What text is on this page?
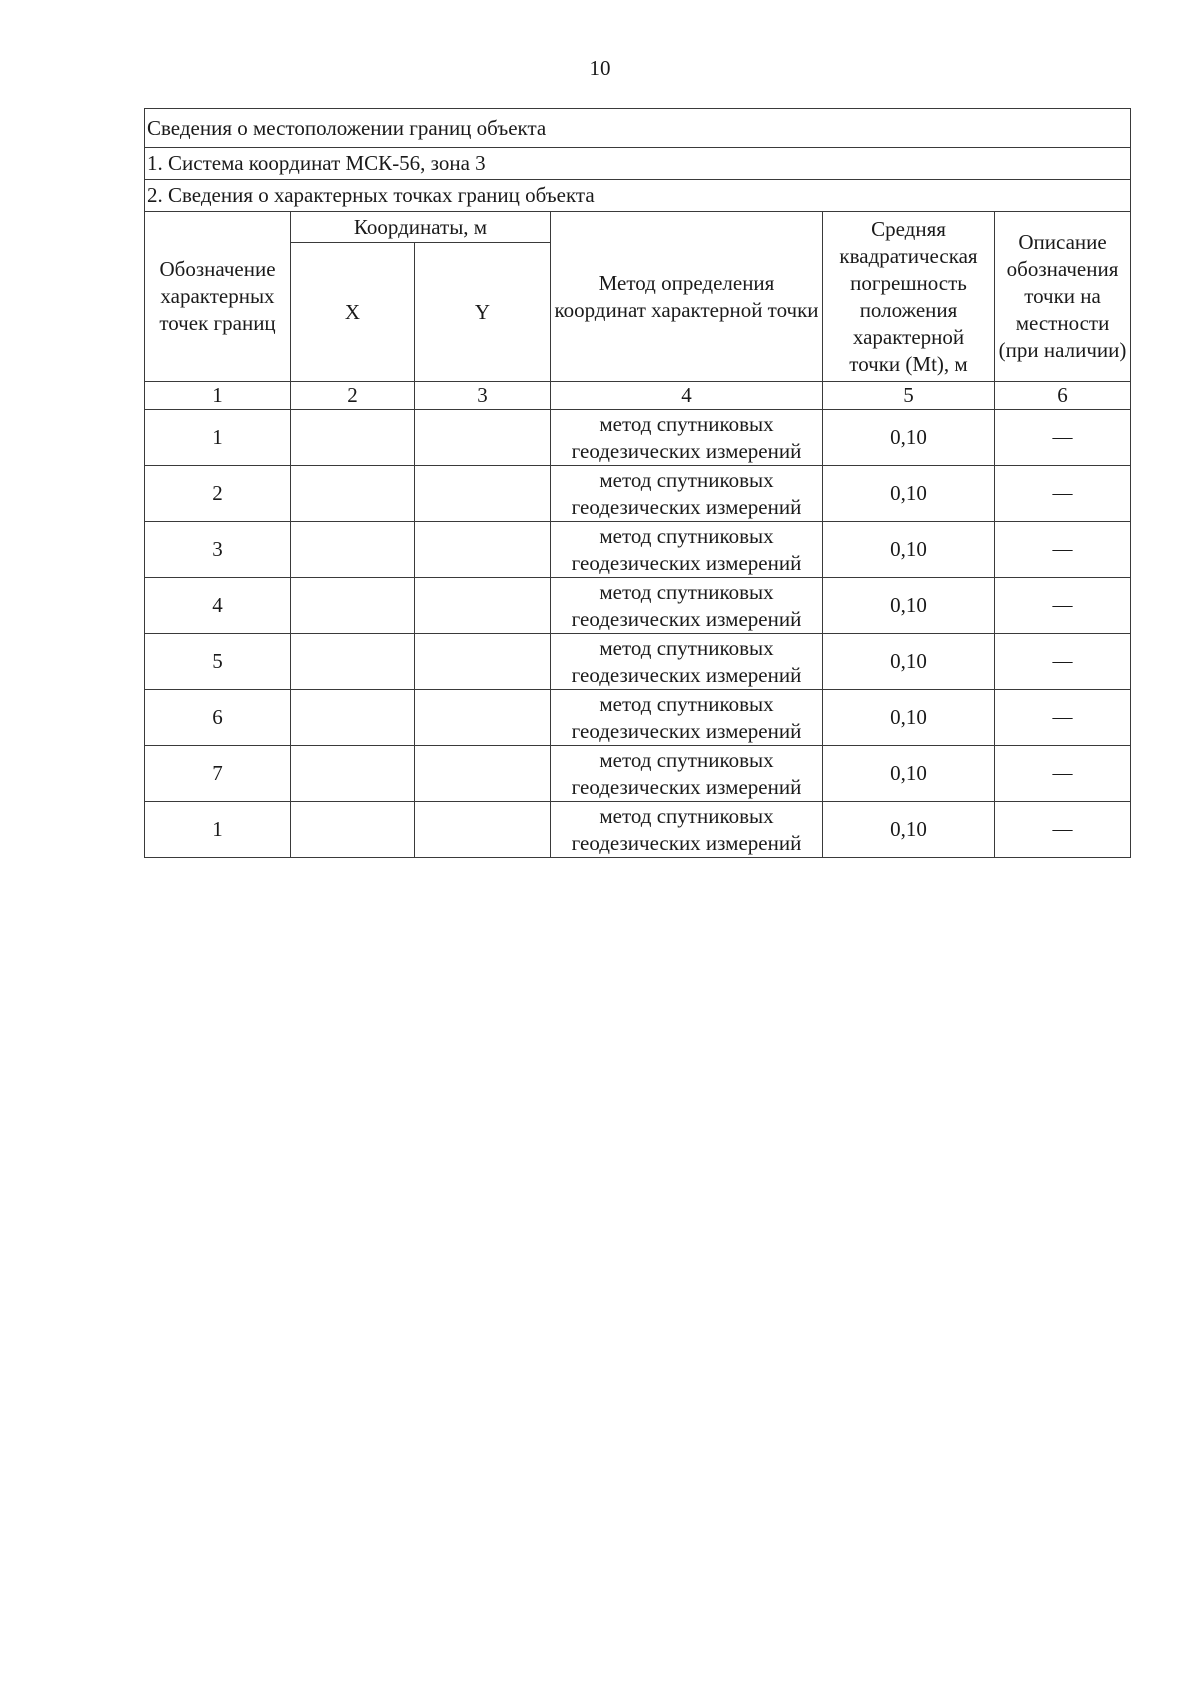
10
Сведения о местоположении границ объекта					
1. Система координат МСК-56, зона 3					
2. Сведения о характерных точках границ объекта					
Обозначение характерных точек границ	Координаты, м		Метод определения координат характерной точки	Средняя квадратическая погрешность положения характерной точки (Mt), м	Описание обозначения точки на местности (при наличии)
	X	Y			
1	2	3	4	5	6
1			метод спутниковых геодезических измерений	0,10	—
2			метод спутниковых геодезических измерений	0,10	—
3			метод спутниковых геодезических измерений	0,10	—
4			метод спутниковых геодезических измерений	0,10	—
5			метод спутниковых геодезических измерений	0,10	—
6			метод спутниковых геодезических измерений	0,10	—
7			метод спутниковых геодезических измерений	0,10	—
1			метод спутниковых геодезических измерений	0,10	—
